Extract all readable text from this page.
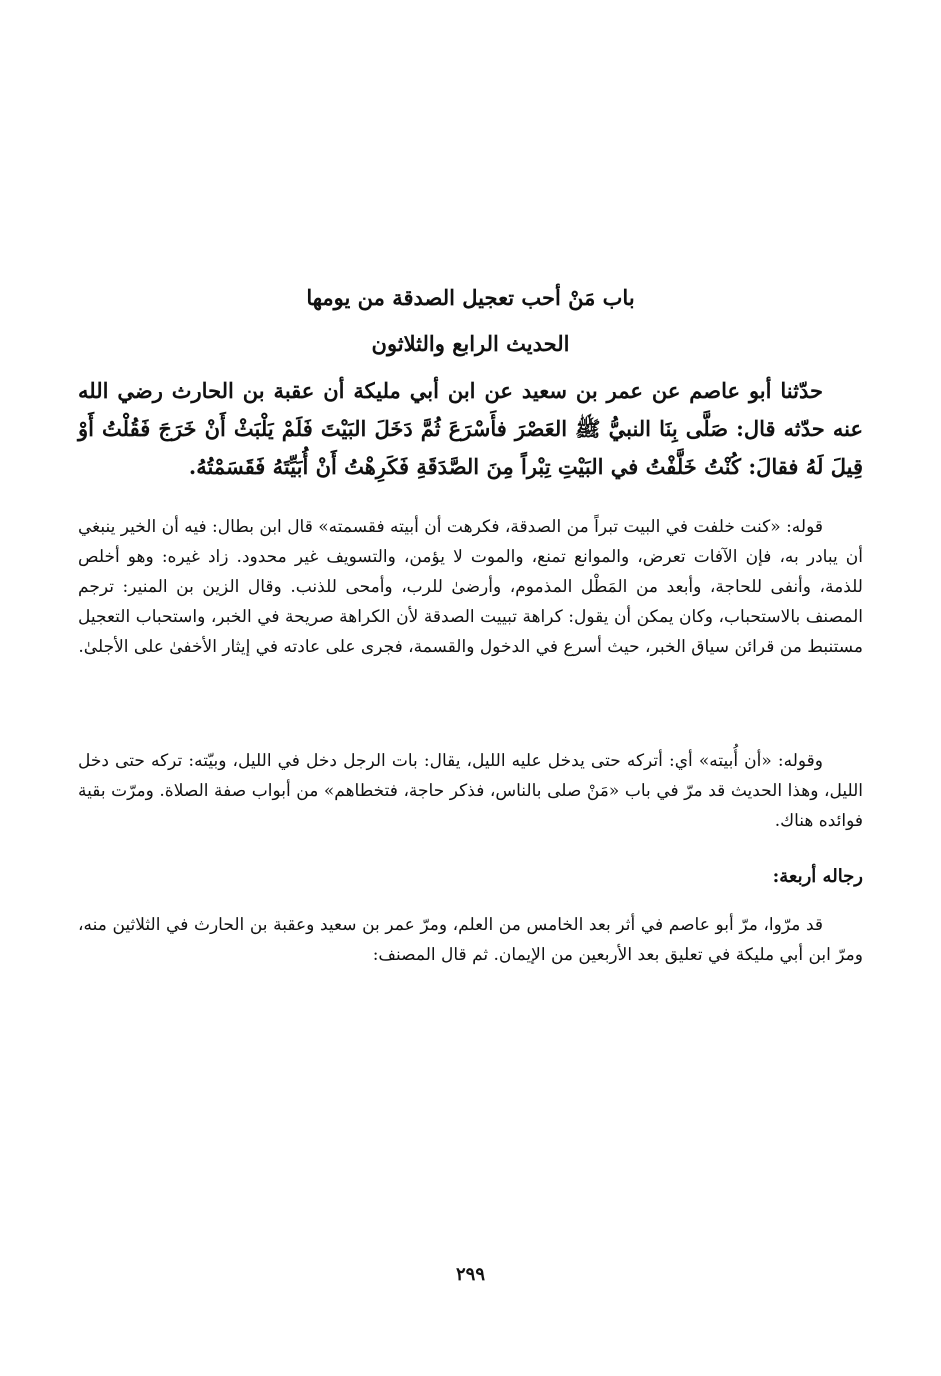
باب مَنْ أحب تعجيل الصدقة من يومها
الحديث الرابع والثلاثون

حدّثنا أبو عاصم عن عمر بن سعيد عن ابن أبي مليكة أن عقبة بن الحارث رضي الله عنه حدّثه قال: صَلَّى بِنَا النبيُّ ﷺ العَصْرَ فأَسْرَعَ ثُمَّ دَخَلَ البَيْتَ فَلَمْ يَلْبَثْ أَنْ خَرَجَ فَقُلْتُ أَوْ قِيلَ لَهُ فقالَ: كُنْتُ خَلَّفْتُ في البَيْتِ تِبْراً مِنَ الصَّدَقَةِ فَكَرِهْتُ أَنْ أُبَيِّتَهُ فَقَسَمْتُهُ.

قوله: «كنت خلفت في البيت تبراً من الصدقة، فكرهت أن أبيته فقسمته» قال ابن بطال: فيه أن الخير ينبغي أن يبادر به، فإن الآفات تعرض، والموانع تمنع، والموت لا يؤمن، والتسويف غير محدود. زاد غيره: وهو أخلص للذمة، وأنفى للحاجة، وأبعد من المَطْل المذموم، وأرضىٰ للرب، وأمحى للذنب. وقال الزين بن المنير: ترجم المصنف بالاستحباب، وكان يمكن أن يقول: كراهة تبييت الصدقة لأن الكراهة صريحة في الخبر، واستحباب التعجيل مستنبط من قرائن سياق الخبر، حيث أسرع في الدخول والقسمة، فجرى على عادته في إيثار الأخفىٰ على الأجلىٰ.

وقوله: «أن أُبيته» أي: أتركه حتى يدخل عليه الليل، يقال: بات الرجل دخل في الليل، وبيّته: تركه حتى دخل الليل، وهذا الحديث قد مرّ في باب «مَنْ صلى بالناس، فذكر حاجة، فتخطاهم» من أبواب صفة الصلاة. ومرّت بقية فوائده هناك.

رجاله أربعة:

قد مرّوا، مرّ أبو عاصم في أثر بعد الخامس من العلم، ومرّ عمر بن سعيد وعقبة بن الحارث في الثلاثين منه، ومرّ ابن أبي مليكة في تعليق بعد الأربعين من الإيمان. ثم قال المصنف:

٢٩٩
